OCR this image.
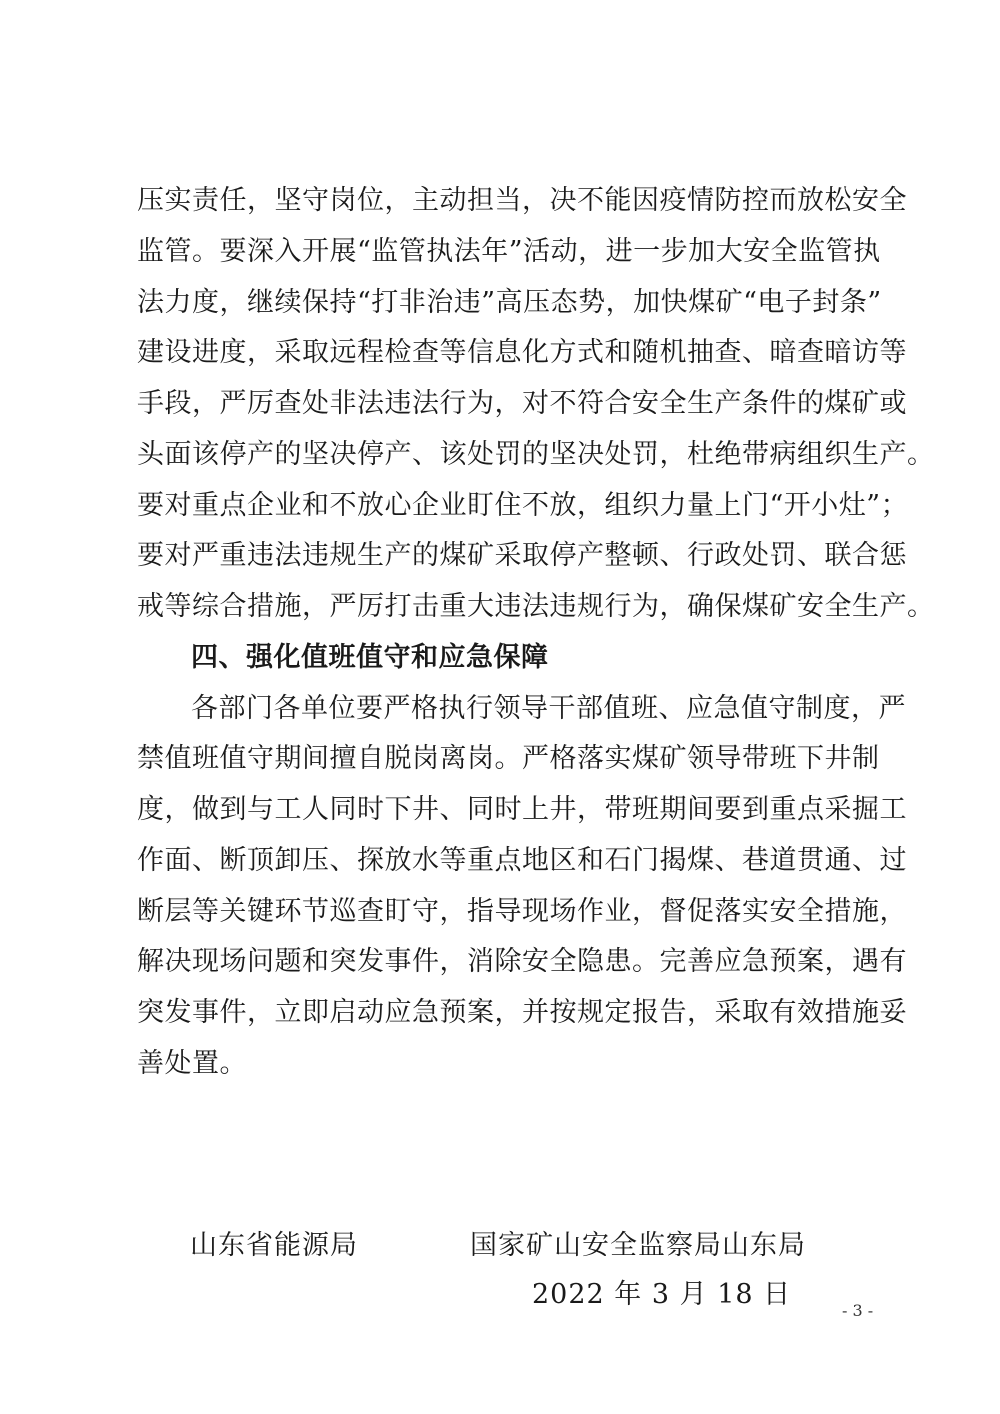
压实责任，坚守岗位，主动担当，决不能因疫情防控而放松安全
监管。要深入开展“监管执法年”活动，进一步加大安全监管执
法力度，继续保持“打非治违”高压态势，加快煤矿“电子封条”
建设进度，采取远程检查等信息化方式和随机抽查、暗查暗访等
手段，严厉查处非法违法行为，对不符合安全生产条件的煤矿或
头面该停产的坚决停产、该处罚的坚决处罚，杜绝带病组织生产。
要对重点企业和不放心企业盯住不放，组织力量上门“开小灶”；
要对严重违法违规生产的煤矿采取停产整顿、行政处罚、联合惩
戒等综合措施，严厉打击重大违法违规行为，确保煤矿安全生产。
四、强化值班值守和应急保障
各部门各单位要严格执行领导干部值班、应急值守制度，严
禁值班值守期间擅自脱岗离岗。严格落实煤矿领导带班下井制
度，做到与工人同时下井、同时上井，带班期间要到重点采掘工
作面、断顶卸压、探放水等重点地区和石门揭煤、巷道贯通、过
断层等关键环节巡查盯守，指导现场作业，督促落实安全措施，
解决现场问题和突发事件，消除安全隐患。完善应急预案，遇有
突发事件，立即启动应急预案，并按规定报告，采取有效措施妥
善处置。
山东省能源局	国家矿山安全监察局山东局
2022 年 3 月 18 日
- 3 -
